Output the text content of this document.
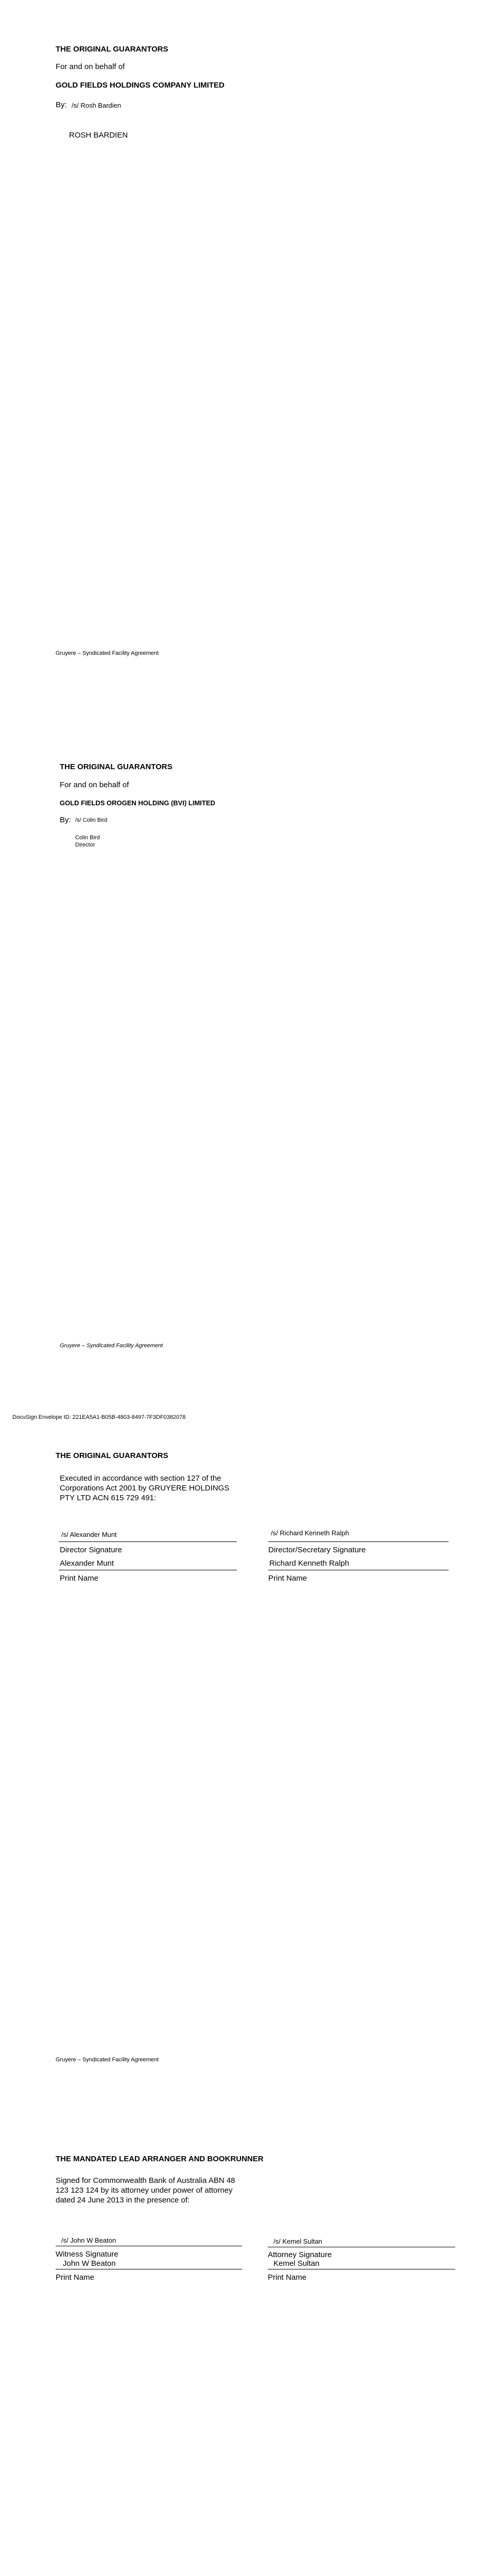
THE ORIGINAL GUARANTORS
For and on behalf of
GOLD FIELDS HOLDINGS COMPANY LIMITED
By: /s/ Rosh Bardien
ROSH BARDIEN
Gruyere – Syndicated Facility Agreement
THE ORIGINAL GUARANTORS
For and on behalf of
GOLD FIELDS OROGEN HOLDING (BVI) LIMITED
By: /s/ Colin Bird
Colin Bird
Director
Gruyere – Syndicated Facility Agreement
DocuSign Envelope ID: 221EA5A1-B05B-4803-8497-7F3DF0382078
THE ORIGINAL GUARANTORS
Executed in accordance with section 127 of the Corporations Act 2001 by GRUYERE HOLDINGS PTY LTD ACN 615 729 491:
/s/ Alexander Munt
Director Signature
Alexander Munt
Print Name
/s/ Richard Kenneth Ralph
Director/Secretary Signature
Richard Kenneth Ralph
Print Name
Gruyere – Syndicated Facility Agreement
THE MANDATED LEAD ARRANGER AND BOOKRUNNER
Signed for Commonwealth Bank of Australia ABN 48 123 123 124 by its attorney under power of attorney dated 24 June 2013 in the presence of:
/s/ John W Beaton
Witness Signature
John W Beaton
Print Name
/s/ Kemel Sultan
Attorney Signature
Kemel Sultan
Print Name
